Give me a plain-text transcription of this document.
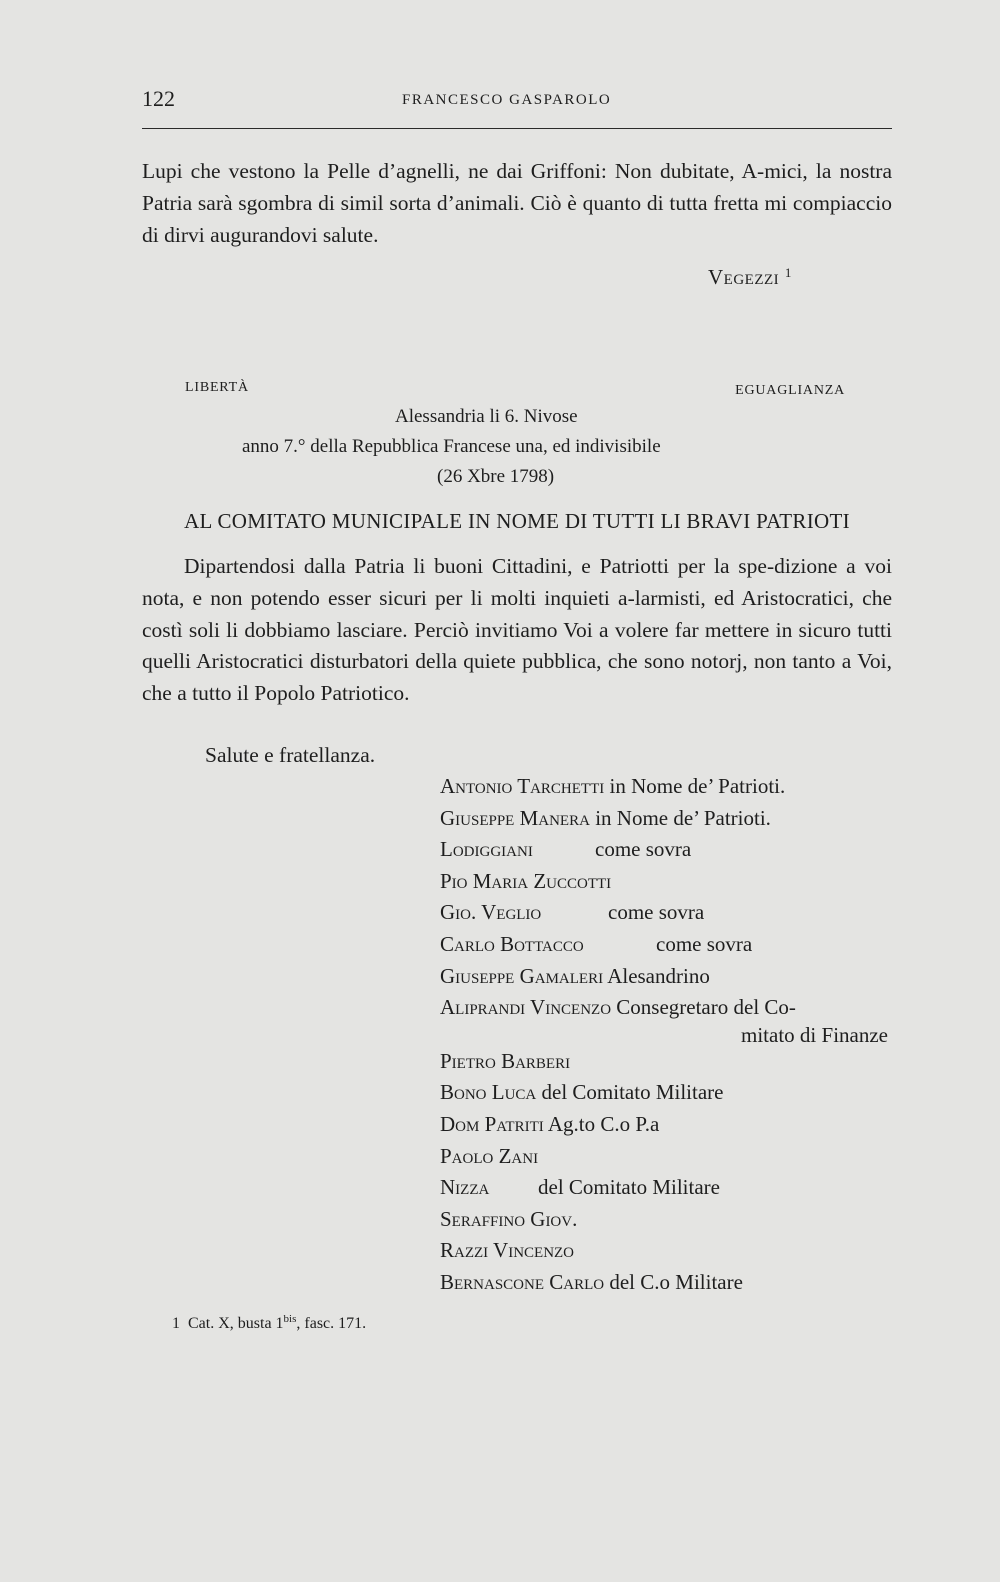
122	FRANCESCO GASPAROLO
Lupi che vestono la Pelle d’agnelli, ne dai Griffoni: Non dubitate, A-mici, la nostra Patria sarà sgombra di simil sorta d’animali. Ciò è quanto di tutta fretta mi compiaccio di dirvi augurandovi salute.
Vegezzi $^1$
LIBERTÀ	EGUAGLIANZA
Alessandria li 6. Nivose
anno 7.° della Repubblica Francese una, ed indivisibile
(26 Xbre 1798)
AL COMITATO MUNICIPALE IN NOME DI TUTTI LI BRAVI PATRIOTI
Dipartendosi dalla Patria li buoni Cittadini, e Patriotti per la spe-dizione a voi nota, e non potendo esser sicuri per li molti inquieti a-larmisti, ed Aristocratici, che costì soli li dobbiamo lasciare. Perciò invitiamo Voi a volere far mettere in sicuro tutti quelli Aristocratici disturbatori della quiete pubblica, che sono notorj, non tanto a Voi, che a tutto il Popolo Patriotico.
Salute e fratellanza.
Antonio Tarchetti in Nome de’ Patrioti.
Giuseppe Manera in Nome de’ Patrioti.
Lodiggiani	come sovra
Pio Maria Zuccotti
Gio. Veglio	come sovra
Carlo Bottacco	come sovra
Giuseppe Gamaleri Alesandrino
Aliprandi Vincenzo Consegretaro del Co-
mitato di Finanze
Pietro Barberi
Bono Luca del Comitato Militare
Dom Patriti Ag.to C.o P.a
Paolo Zani
Nizza del Comitato Militare
Seraffino Giov.
Razzi Vincenzo
Bernascone Carlo del C.o Militare
1 Cat. X, busta $1^{bis}$, fasc. 171.
